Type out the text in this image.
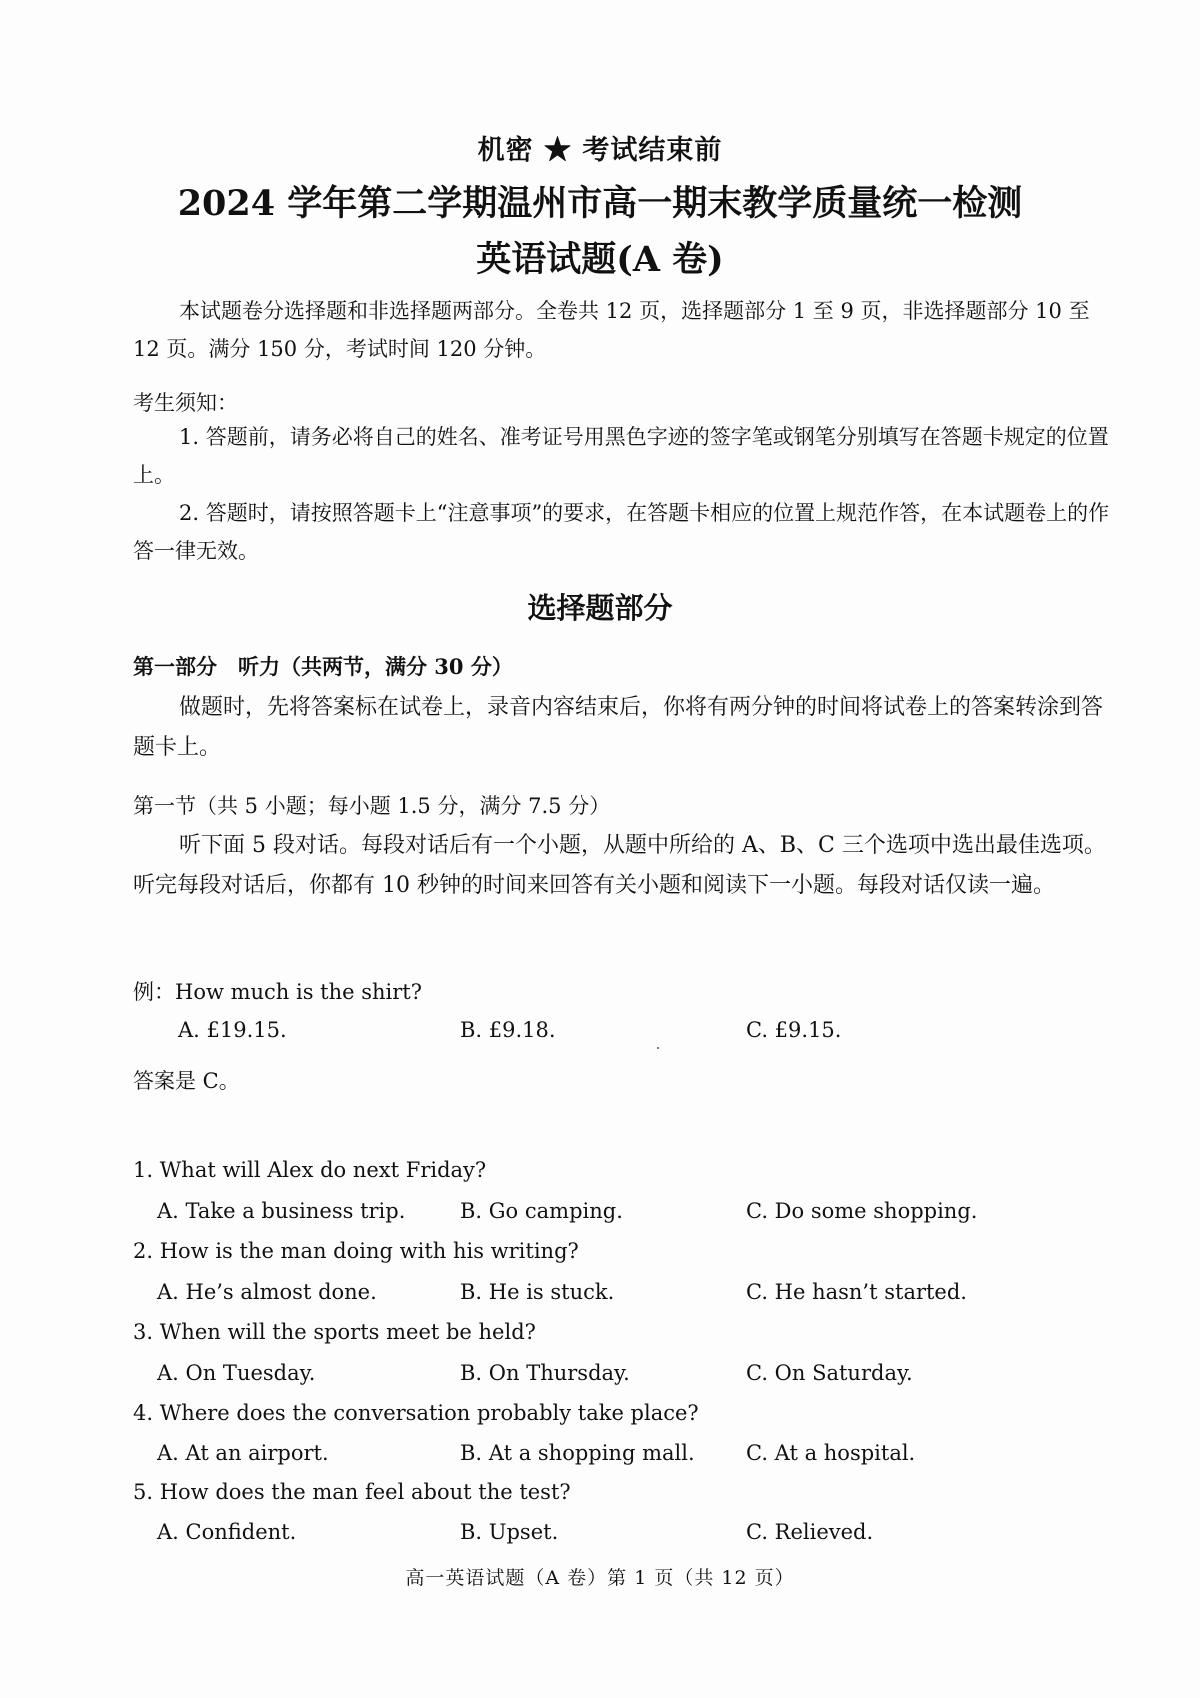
机密 ★ 考试结束前
2024 学年第二学期温州市高一期末教学质量统一检测
英语试题(A 卷)
本试题卷分选择题和非选择题两部分。全卷共 12 页，选择题部分 1 至 9 页，非选择题部分 10 至 12 页。满分 150 分，考试时间 120 分钟。
考生须知：
1. 答题前，请务必将自己的姓名、准考证号用黑色字迹的签字笔或钢笔分别填写在答题卡规定的位置上。
2. 答题时，请按照答题卡上“注意事项”的要求，在答题卡相应的位置上规范作答，在本试题卷上的作答一律无效。
选择题部分
第一部分　听力（共两节，满分 30 分）
做题时，先将答案标在试卷上，录音内容结束后，你将有两分钟的时间将试卷上的答案转涂到答题卡上。
第一节（共 5 小题；每小题 1.5 分，满分 7.5 分）
听下面 5 段对话。每段对话后有一个小题，从题中所给的 A、B、C 三个选项中选出最佳选项。听完每段对话后，你都有 10 秒钟的时间来回答有关小题和阅读下一小题。每段对话仅读一遍。
例：How much is the shirt?
A. £19.15.	B. £9.18.	C. £9.15.
答案是 C。
1. What will Alex do next Friday?
A. Take a business trip.	B. Go camping.	C. Do some shopping.
2. How is the man doing with his writing?
A. He’s almost done.	B. He is stuck.	C. He hasn’t started.
3. When will the sports meet be held?
A. On Tuesday.	B. On Thursday.	C. On Saturday.
4. Where does the conversation probably take place?
A. At an airport.	B. At a shopping mall. C. At a hospital.
5. How does the man feel about the test?
A. Confident.	B. Upset.	C. Relieved.
高一英语试题（A 卷）第 1 页（共 12 页）
